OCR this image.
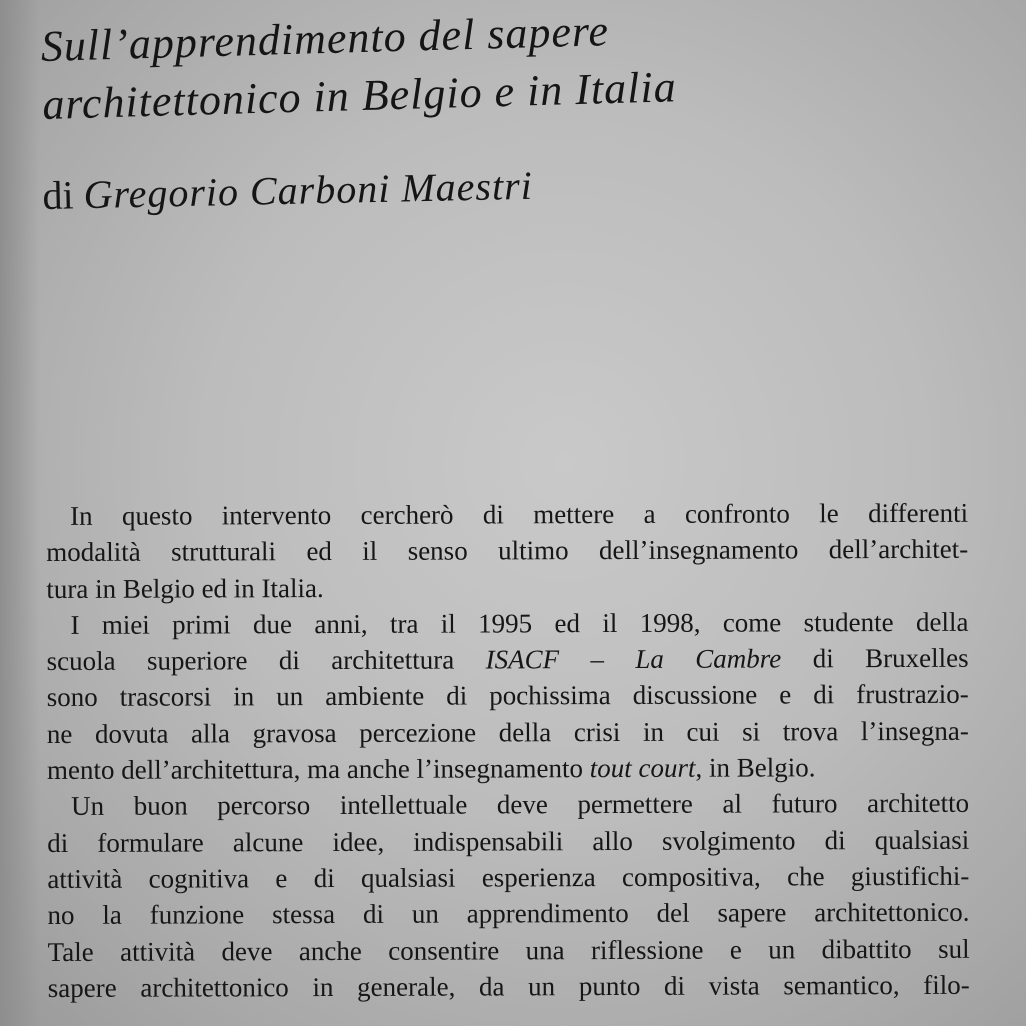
Sull’apprendimento del sapere
architettonico in Belgio e in Italia
di Gregorio Carboni Maestri
In questo intervento cercherò di mettere a confronto le differenti
modalità strutturali ed il senso ultimo dell’insegnamento dell’architet-
tura in Belgio ed in Italia.
I miei primi due anni, tra il 1995 ed il 1998, come studente della
scuola superiore di architettura ISACF – La Cambre di Bruxelles
sono trascorsi in un ambiente di pochissima discussione e di frustrazio-
ne dovuta alla gravosa percezione della crisi in cui si trova l’insegna-
mento dell’architettura, ma anche l’insegnamento tout court, in Belgio.
Un buon percorso intellettuale deve permettere al futuro architetto
di formulare alcune idee, indispensabili allo svolgimento di qualsiasi
attività cognitiva e di qualsiasi esperienza compositiva, che giustifichi-
no la funzione stessa di un apprendimento del sapere architettonico.
Tale attività deve anche consentire una riflessione e un dibattito sul
sapere architettonico in generale, da un punto di vista semantico, filo-
